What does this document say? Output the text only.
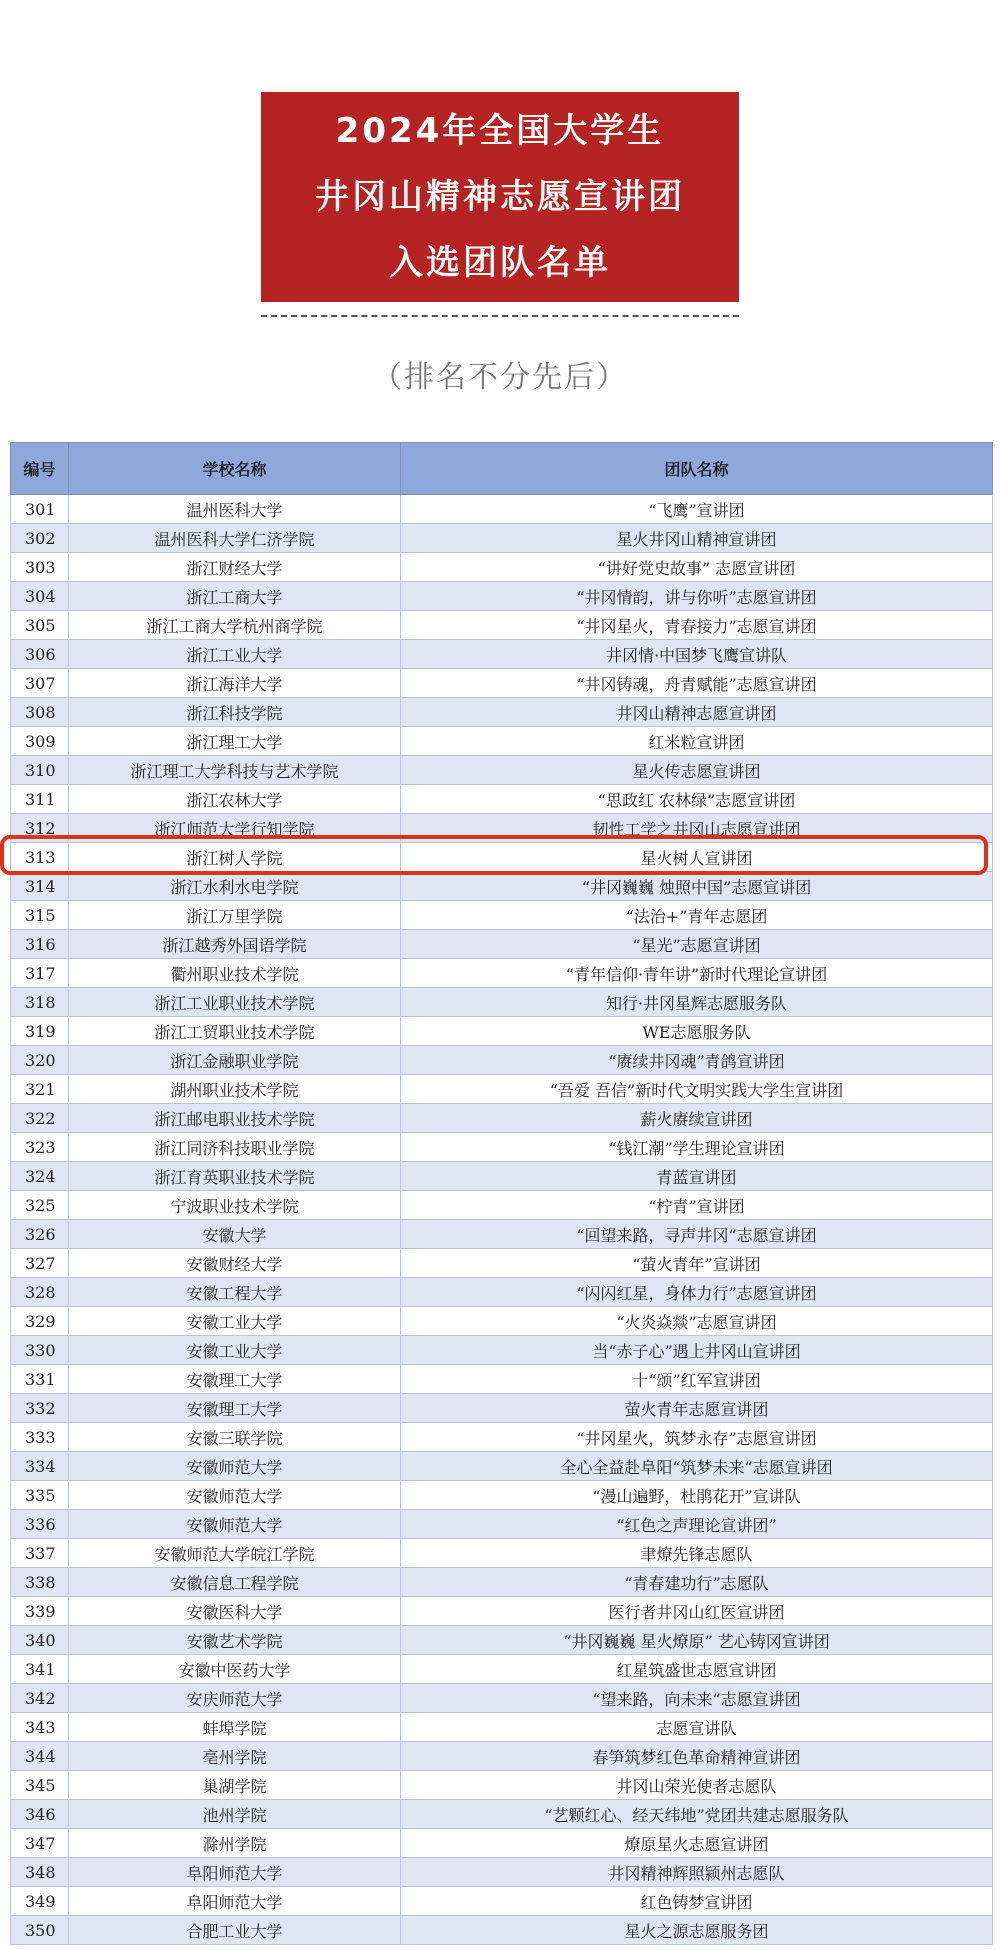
2024年全国大学生
井冈山精神志愿宣讲团
入选团队名单
（排名不分先后）
编号	学校名称	团队名称
301	温州医科大学	“飞鹰”宣讲团
302	温州医科大学仁济学院	星火井冈山精神宣讲团
303	浙江财经大学	“讲好党史故事” 志愿宣讲团
304	浙江工商大学	“井冈情韵，讲与你听”志愿宣讲团
305	浙江工商大学杭州商学院	“井冈星火，青春接力”志愿宣讲团
306	浙江工业大学	井冈情·中国梦飞鹰宣讲队
307	浙江海洋大学	“井冈铸魂，舟青赋能”志愿宣讲团
308	浙江科技学院	井冈山精神志愿宣讲团
309	浙江理工大学	红米粒宣讲团
310	浙江理工大学科技与艺术学院	星火传志愿宣讲团
311	浙江农林大学	“思政红 农林绿”志愿宣讲团
312	浙江师范大学行知学院	韧性工学之井冈山志愿宣讲团
313	浙江树人学院	星火树人宣讲团
314	浙江水利水电学院	“井冈巍巍 烛照中国”志愿宣讲团
315	浙江万里学院	“法治+”青年志愿团
316	浙江越秀外国语学院	“星光”志愿宣讲团
317	衢州职业技术学院	“青年信仰·青年讲”新时代理论宣讲团
318	浙江工业职业技术学院	知行·井冈星辉志愿服务队
319	浙江工贸职业技术学院	WE志愿服务队
320	浙江金融职业学院	“赓续井冈魂”青鸽宣讲团
321	湖州职业技术学院	“吾爱 吾信”新时代文明实践大学生宣讲团
322	浙江邮电职业技术学院	薪火赓续宣讲团
323	浙江同济科技职业学院	“钱江潮”学生理论宣讲团
324	浙江育英职业技术学院	青蓝宣讲团
325	宁波职业技术学院	“柠青”宣讲团
326	安徽大学	“回望来路，寻声井冈”志愿宣讲团
327	安徽财经大学	“萤火青年”宣讲团
328	安徽工程大学	“闪闪红星，身体力行”志愿宣讲团
329	安徽工业大学	“火炎焱燚”志愿宣讲团
330	安徽工业大学	当“赤子心”遇上井冈山宣讲团
331	安徽理工大学	十“颂”红军宣讲团
332	安徽理工大学	萤火青年志愿宣讲团
333	安徽三联学院	“井冈星火，筑梦永存”志愿宣讲团
334	安徽师范大学	全心全益赴阜阳“筑梦未来”志愿宣讲团
335	安徽师范大学	“漫山遍野，杜鹃花开”宣讲队
336	安徽师范大学	“红色之声理论宣讲团”
337	安徽师范大学皖江学院	聿燎先锋志愿队
338	安徽信息工程学院	“青春建功行”志愿队
339	安徽医科大学	医行者井冈山红医宣讲团
340	安徽艺术学院	“井冈巍巍 星火燎原” 艺心铸冈宣讲团
341	安徽中医药大学	红星筑盛世志愿宣讲团
342	安庆师范大学	“望来路，向未来”志愿宣讲团
343	蚌埠学院	志愿宣讲队
344	亳州学院	春笋筑梦红色革命精神宣讲团
345	巢湖学院	井冈山荣光使者志愿队
346	池州学院	“艺颗红心、经天纬地”党团共建志愿服务队
347	滁州学院	燎原星火志愿宣讲团
348	阜阳师范大学	井冈精神辉照颍州志愿队
349	阜阳师范大学	红色铸梦宣讲团
350	合肥工业大学	星火之源志愿服务团
